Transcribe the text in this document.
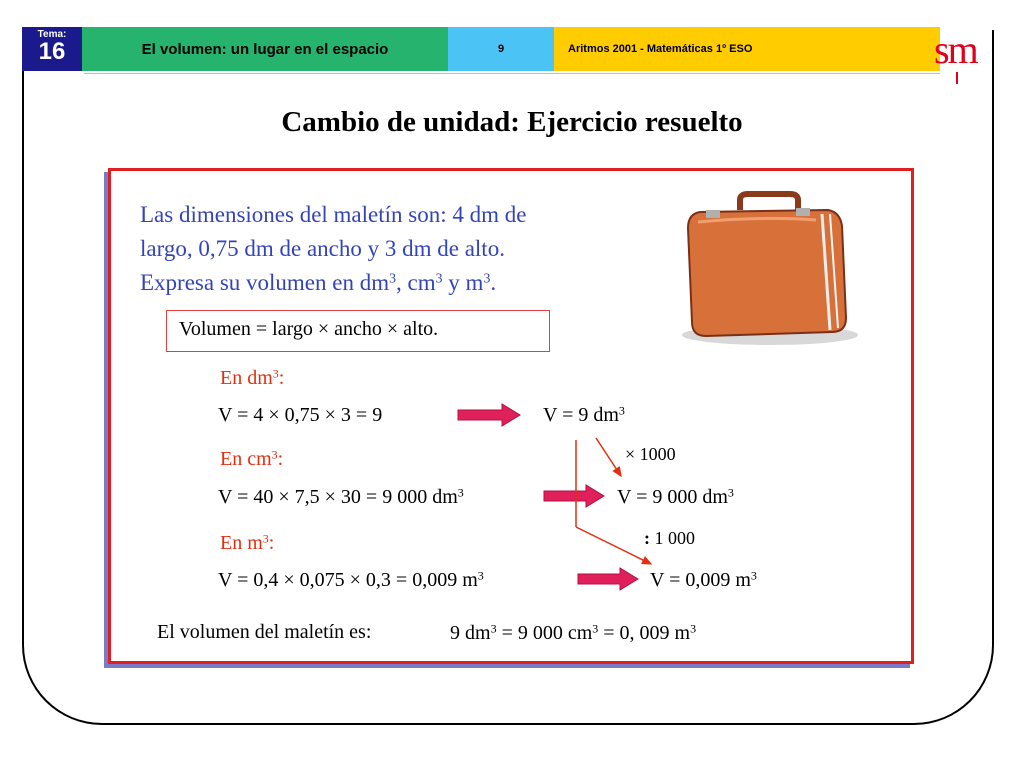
Tema:
16	El volumen: un lugar en el espacio	9	Aritmos 2001 - Matemáticas 1º ESO	sm
Cambio de unidad: Ejercicio resuelto
Las dimensiones del maletín son: 4 dm de
largo, 0,75 dm de ancho y 3 dm de alto.
Expresa su volumen en $dm^3$, $cm^3$ y $m^3$.
Volumen = largo × ancho × alto.
En $dm^3$:
V = 4 × 0,75 × 3 = 9	V = 9 $dm^3$
En $cm^3$:
V = 40 × 7,5 × 30 = 9 000 $dm^3$	V = 9 000 $dm^3$
En $m^3$:
V = 0,4 × 0,075 × 0,3 = 0,009 $m^3$	V = 0,009 $m^3$
× 1000
: 1 000
El volumen del maletín es:	9 $dm^3 = 9$ 000 $cm^3 = 0$, 009 $m^3$
